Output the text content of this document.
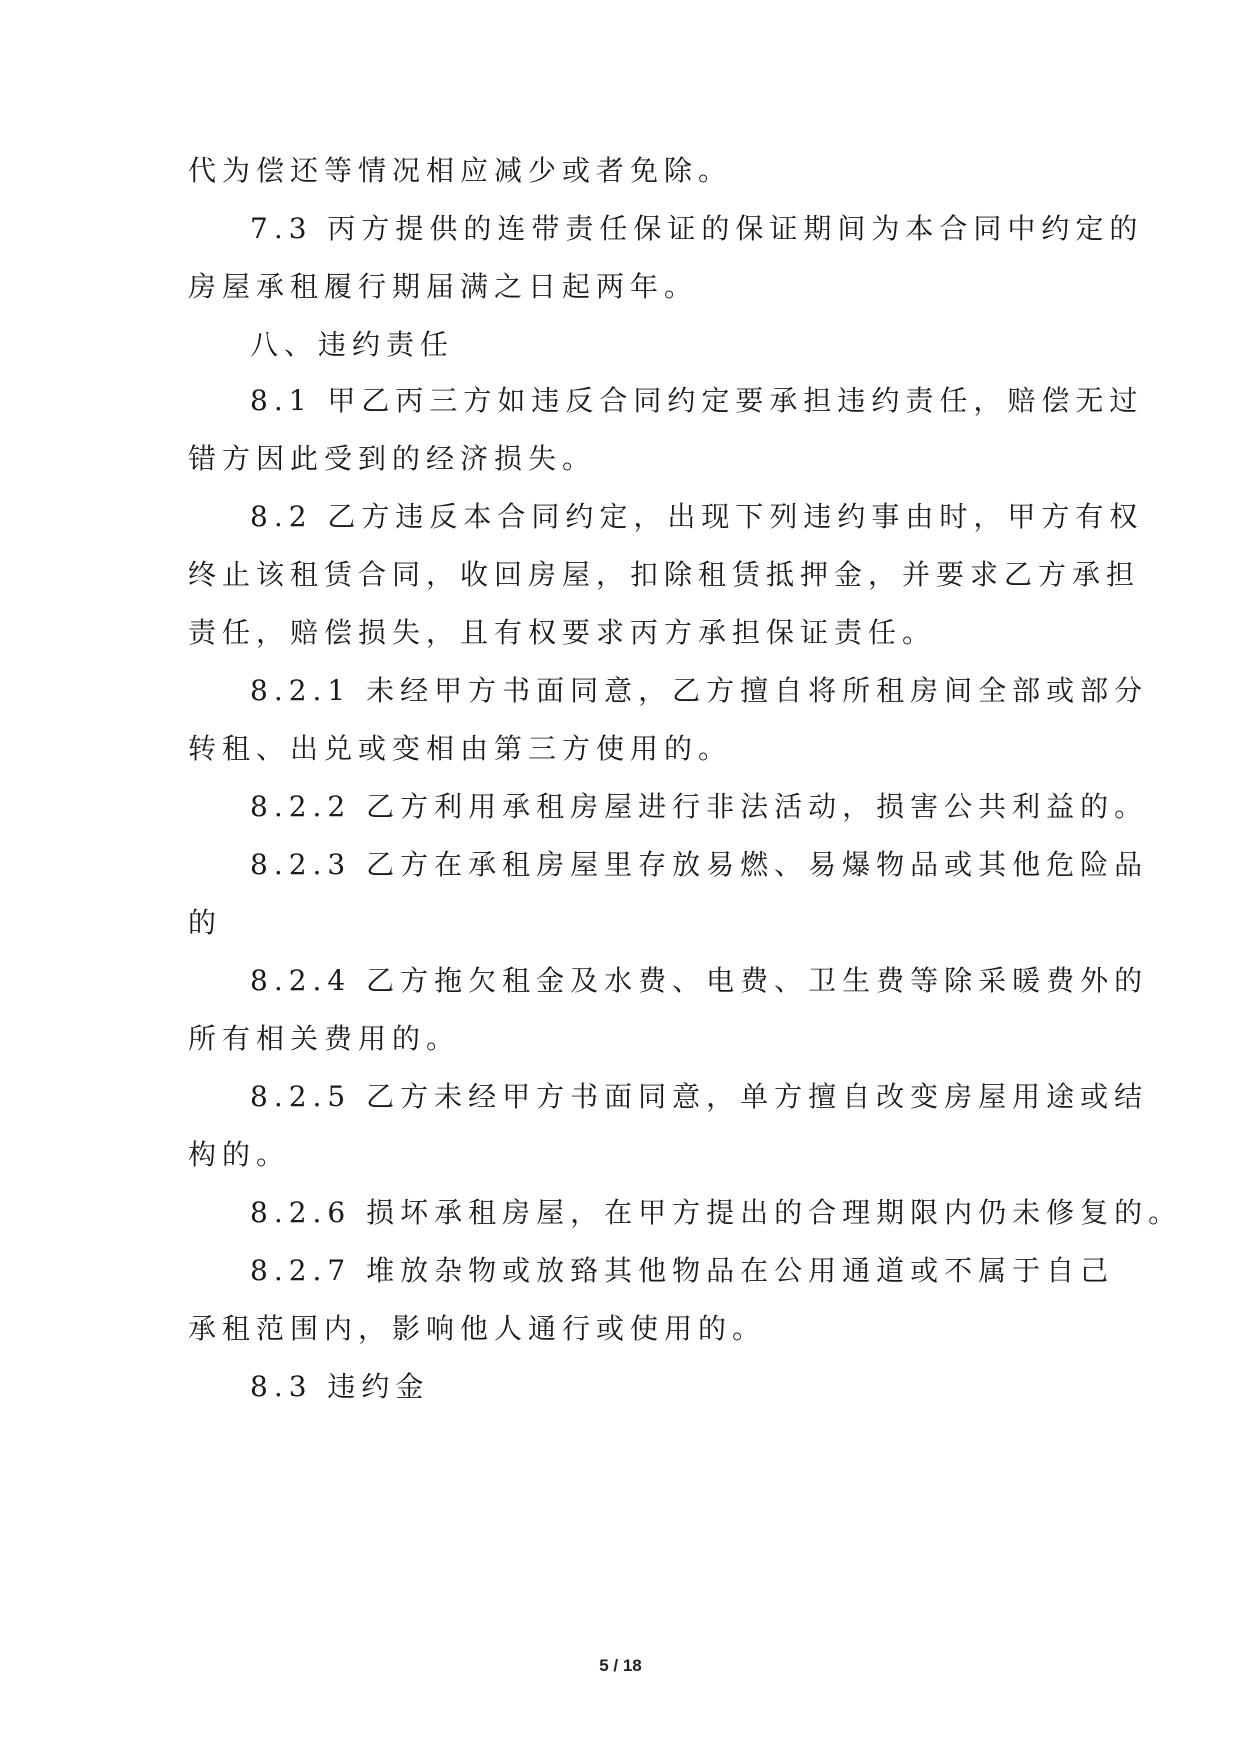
代为偿还等情况相应减少或者免除。
7.3 丙方提供的连带责任保证的保证期间为本合同中约定的
房屋承租履行期届满之日起两年。
八、违约责任
8.1 甲乙丙三方如违反合同约定要承担违约责任，赔偿无过
错方因此受到的经济损失。
8.2 乙方违反本合同约定，出现下列违约事由时，甲方有权
终止该租赁合同，收回房屋，扣除租赁抵押金，并要求乙方承担
责任，赔偿损失，且有权要求丙方承担保证责任。
8.2.1 未经甲方书面同意，乙方擅自将所租房间全部或部分
转租、出兑或变相由第三方使用的。
8.2.2 乙方利用承租房屋进行非法活动，损害公共利益的。
8.2.3 乙方在承租房屋里存放易燃、易爆物品或其他危险品
的
8.2.4 乙方拖欠租金及水费、电费、卫生费等除采暖费外的
所有相关费用的。
8.2.5 乙方未经甲方书面同意，单方擅自改变房屋用途或结
构的。
8.2.6 损坏承租房屋，在甲方提出的合理期限内仍未修复的。
8.2.7 堆放杂物或放臵其他物品在公用通道或不属于自己
承租范围内，影响他人通行或使用的。
8.3 违约金
5 / 18
